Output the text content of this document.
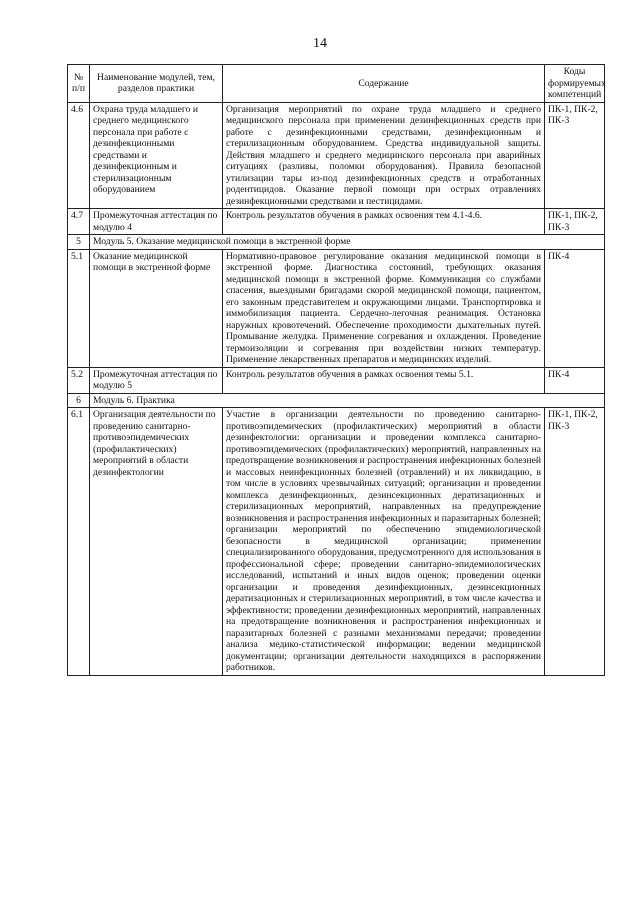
14
№ п/п	Наименование модулей, тем, разделов практики	Содержание	Коды формируемых компетенций
4.6	Охрана труда младшего и среднего медицинского персонала при работе с дезинфекционными средствами и дезинфекционным и стерилизационным оборудованием	Организация мероприятий по охране труда младшего и среднего медицинского персонала при применении дезинфекционных средств при работе с дезинфекционными средствами, дезинфекционным и стерилизационным оборудованием. Средства индивидуальной защиты. Действия младшего и среднего медицинского персонала при аварийных ситуациях (разливы, поломки оборудования). Правила безопасной утилизации тары из-под дезинфекционных средств и отработанных родентицидов. Оказание первой помощи при острых отравлениях дезинфекционными средствами и пестицидами.	ПК-1, ПК-2, ПК-3
4.7	Промежуточная аттестация по модулю 4	Контроль результатов обучения в рамках освоения тем 4.1-4.6.	ПК-1, ПК-2, ПК-3
5	Модуль 5. Оказание медицинской помощи в экстренной форме		
5.1	Оказание медицинской помощи в экстренной форме	Нормативно-правовое регулирование оказания медицинской помощи в экстренной форме. Диагностика состояний, требующих оказания медицинской помощи в экстренной форме. Коммуникация со службами спасения, выездными бригадами скорой медицинской помощи, пациентом, его законным представителем и окружающими лицами. Транспортировка и иммобилизация пациента. Сердечно-легочная реанимация. Остановка наружных кровотечений. Обеспечение проходимости дыхательных путей. Промывание желудка. Применение согревания и охлаждения. Проведение термоизоляции и согревания при воздействии низких температур. Применение лекарственных препаратов и медицинских изделий.	ПК-4
5.2	Промежуточная аттестация по модулю 5	Контроль результатов обучения в рамках освоения темы 5.1.	ПК-4
6	Модуль 6. Практика		
6.1	Организация деятельности по проведению санитарно-противоэпидемических (профилактических) мероприятий в области дезинфектологии	Участие в организации деятельности по проведению санитарно-противоэпидемических (профилактических) мероприятий в области дезинфектологии: организации и проведении комплекса санитарно-противоэпидемических (профилактических) мероприятий, направленных на предотвращение возникновения и распространения инфекционных болезней и массовых неинфекционных болезней (отравлений) и их ликвидацию, в том числе в условиях чрезвычайных ситуаций; организации и проведении комплекса дезинфекционных, дезинсекционных дератизационных и стерилизационных мероприятий, направленных на предупреждение возникновения и распространения инфекционных и паразитарных болезней; организации мероприятий по обеспечению эпидемиологической безопасности в медицинской организации; применении специализированного оборудования, предусмотренного для использования в профессиональной сфере; проведении санитарно-эпидемиологических исследований, испытаний и иных видов оценок; проведении оценки организации и проведения дезинфекционных, дезинсекционных дератизационных и стерилизационных мероприятий, в том числе качества и эффективности; проведении дезинфекционных мероприятий, направленных на предотвращение возникновения и распространения инфекционных и паразитарных болезней с разными механизмами передачи; проведении анализа медико-статистической информации; ведении медицинской документации; организации деятельности находящихся в распоряжении работников.	ПК-1, ПК-2, ПК-3
